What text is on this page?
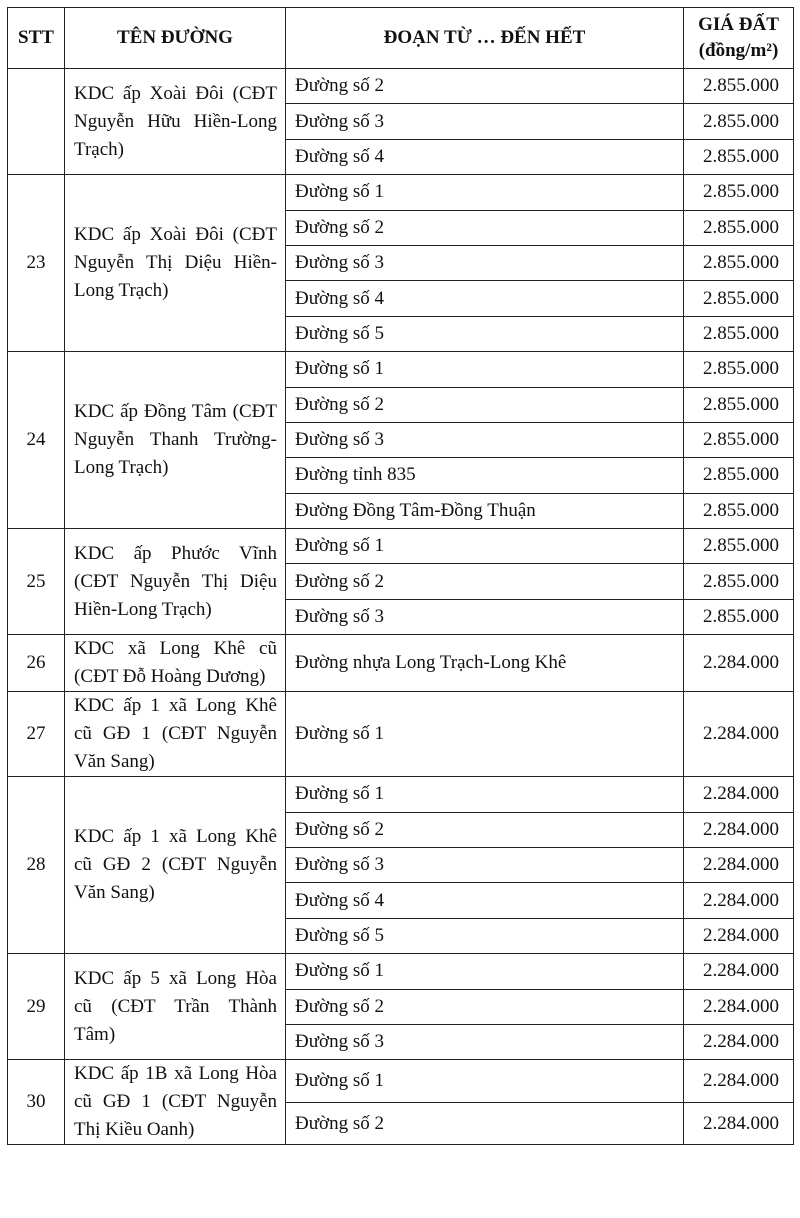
STT	TÊN ĐƯỜNG	ĐOẠN TỪ … ĐẾN HẾT	GIÁ ĐẤT
(đồng/m²)

	KDC ấp Xoài Đôi (CĐT Nguyễn Hữu Hiền-Long Trạch)	Đường số 2	2.855.000
		Đường số 3	2.855.000
		Đường số 4	2.855.000
23	KDC ấp Xoài Đôi (CĐT Nguyễn Thị Diệu Hiền-Long Trạch)	Đường số 1	2.855.000
		Đường số 2	2.855.000
		Đường số 3	2.855.000
		Đường số 4	2.855.000
		Đường số 5	2.855.000
24	KDC ấp Đồng Tâm (CĐT Nguyễn Thanh Trường-Long Trạch)	Đường số 1	2.855.000
		Đường số 2	2.855.000
		Đường số 3	2.855.000
		Đường tỉnh 835	2.855.000
		Đường Đồng Tâm-Đồng Thuận	2.855.000
25	KDC ấp Phước Vĩnh (CĐT Nguyễn Thị Diệu Hiền-Long Trạch)	Đường số 1	2.855.000
		Đường số 2	2.855.000
		Đường số 3	2.855.000
26	KDC xã Long Khê cũ (CĐT Đỗ Hoàng Dương)	Đường nhựa Long Trạch-Long Khê	2.284.000
27	KDC ấp 1 xã Long Khê cũ GĐ 1 (CĐT Nguyễn Văn Sang)	Đường số 1	2.284.000
28	KDC ấp 1 xã Long Khê cũ GĐ 2 (CĐT Nguyễn Văn Sang)	Đường số 1	2.284.000
		Đường số 2	2.284.000
		Đường số 3	2.284.000
		Đường số 4	2.284.000
		Đường số 5	2.284.000
29	KDC ấp 5 xã Long Hòa cũ (CĐT Trần Thành Tâm)	Đường số 1	2.284.000
		Đường số 2	2.284.000
		Đường số 3	2.284.000
30	KDC ấp 1B xã Long Hòa cũ GĐ 1 (CĐT Nguyễn Thị Kiều Oanh)	Đường số 1	2.284.000
		Đường số 2	2.284.000
